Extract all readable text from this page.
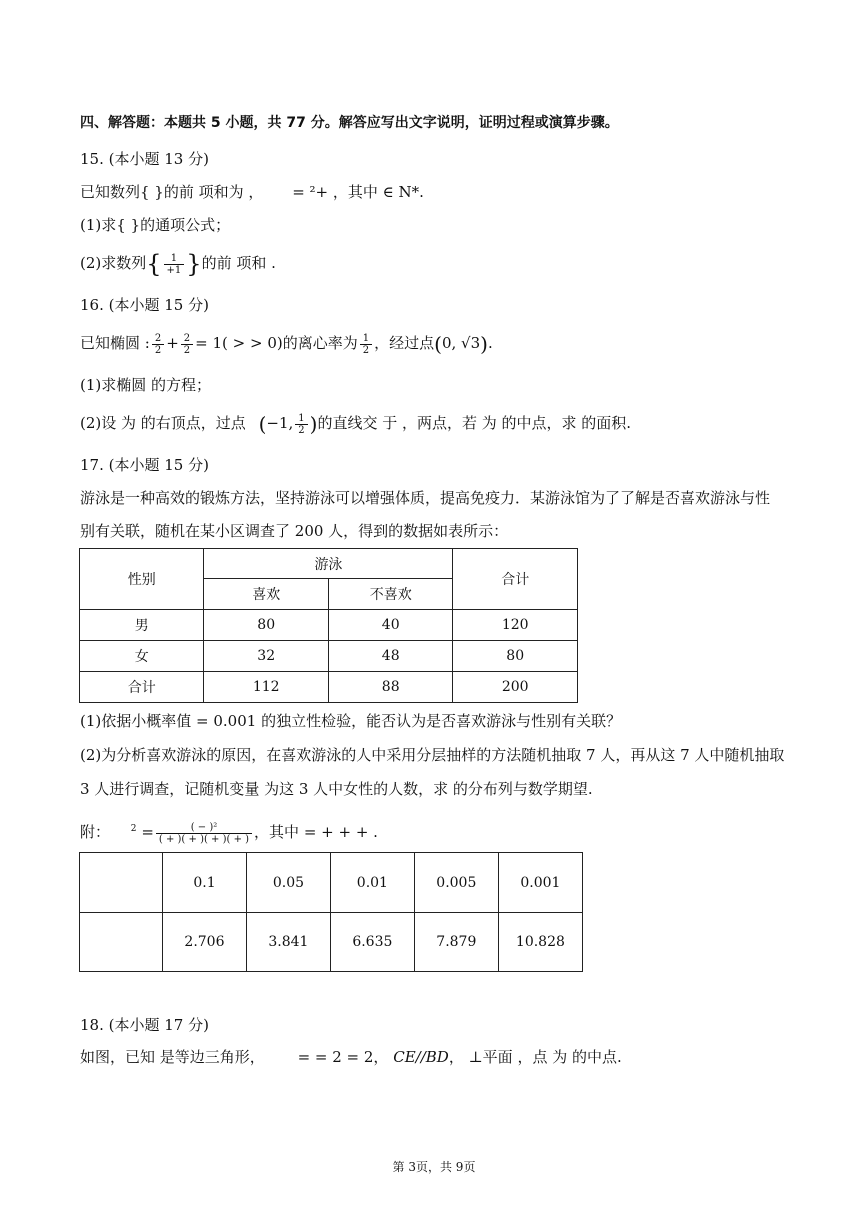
四、解答题：本题共 5 小题，共 77 分。解答应写出文字说明，证明过程或演算步骤。
15. (本小题 13 分)
已知数列{ }的前 项和为 ， = ²+ ，其中 ∈ N*.
(1)求{ }的通项公式；
(2)求数列{ $\frac{1}{+1}$ }的前 项和 .
16. (本小题 15 分)
已知椭圆 : $\frac{2}{2} + \frac{2}{2} = 1$( > > 0)的离心率为 $\frac{1}{2}$ ，经过点(0, √3).
(1)求椭圆 的方程；
(2)设 为 的右顶点，过点 (−1, $\frac{1}{2}$ )的直线交 于 ，两点，若 为 的中点，求 的面积.
17. (本小题 15 分)
游泳是一种高效的锻炼方法，坚持游泳可以增强体质，提高免疫力．某游泳馆为了了解是否喜欢游泳与性
别有关联，随机在某小区调查了 200 人，得到的数据如表所示：
性别	游泳		合计
	喜欢	不喜欢	
男	80	40	120
女	32	48	80
合计	112	88	200
(1)依据小概率值 = 0.001 的独立性检验，能否认为是否喜欢游泳与性别有关联？
(2)为分析喜欢游泳的原因，在喜欢游泳的人中采用分层抽样的方法随机抽取 7 人，再从这 7 人中随机抽取
3 人进行调查，记随机变量 为这 3 人中女性的人数，求 的分布列与数学期望.
附： $^2 = \frac{\text{( − )²}}{( + )( + )( + )( + )}$ ，其中 = + + + .
	0.1	0.05	0.01	0.005	0.001
	2.706	3.841	6.635	7.879	10.828
18. (本小题 17 分)
如图，已知 是等边三角形， = = 2 = 2， CE//BD， ⊥平面 ，点 为 的中点.
第 3页，共 9页
